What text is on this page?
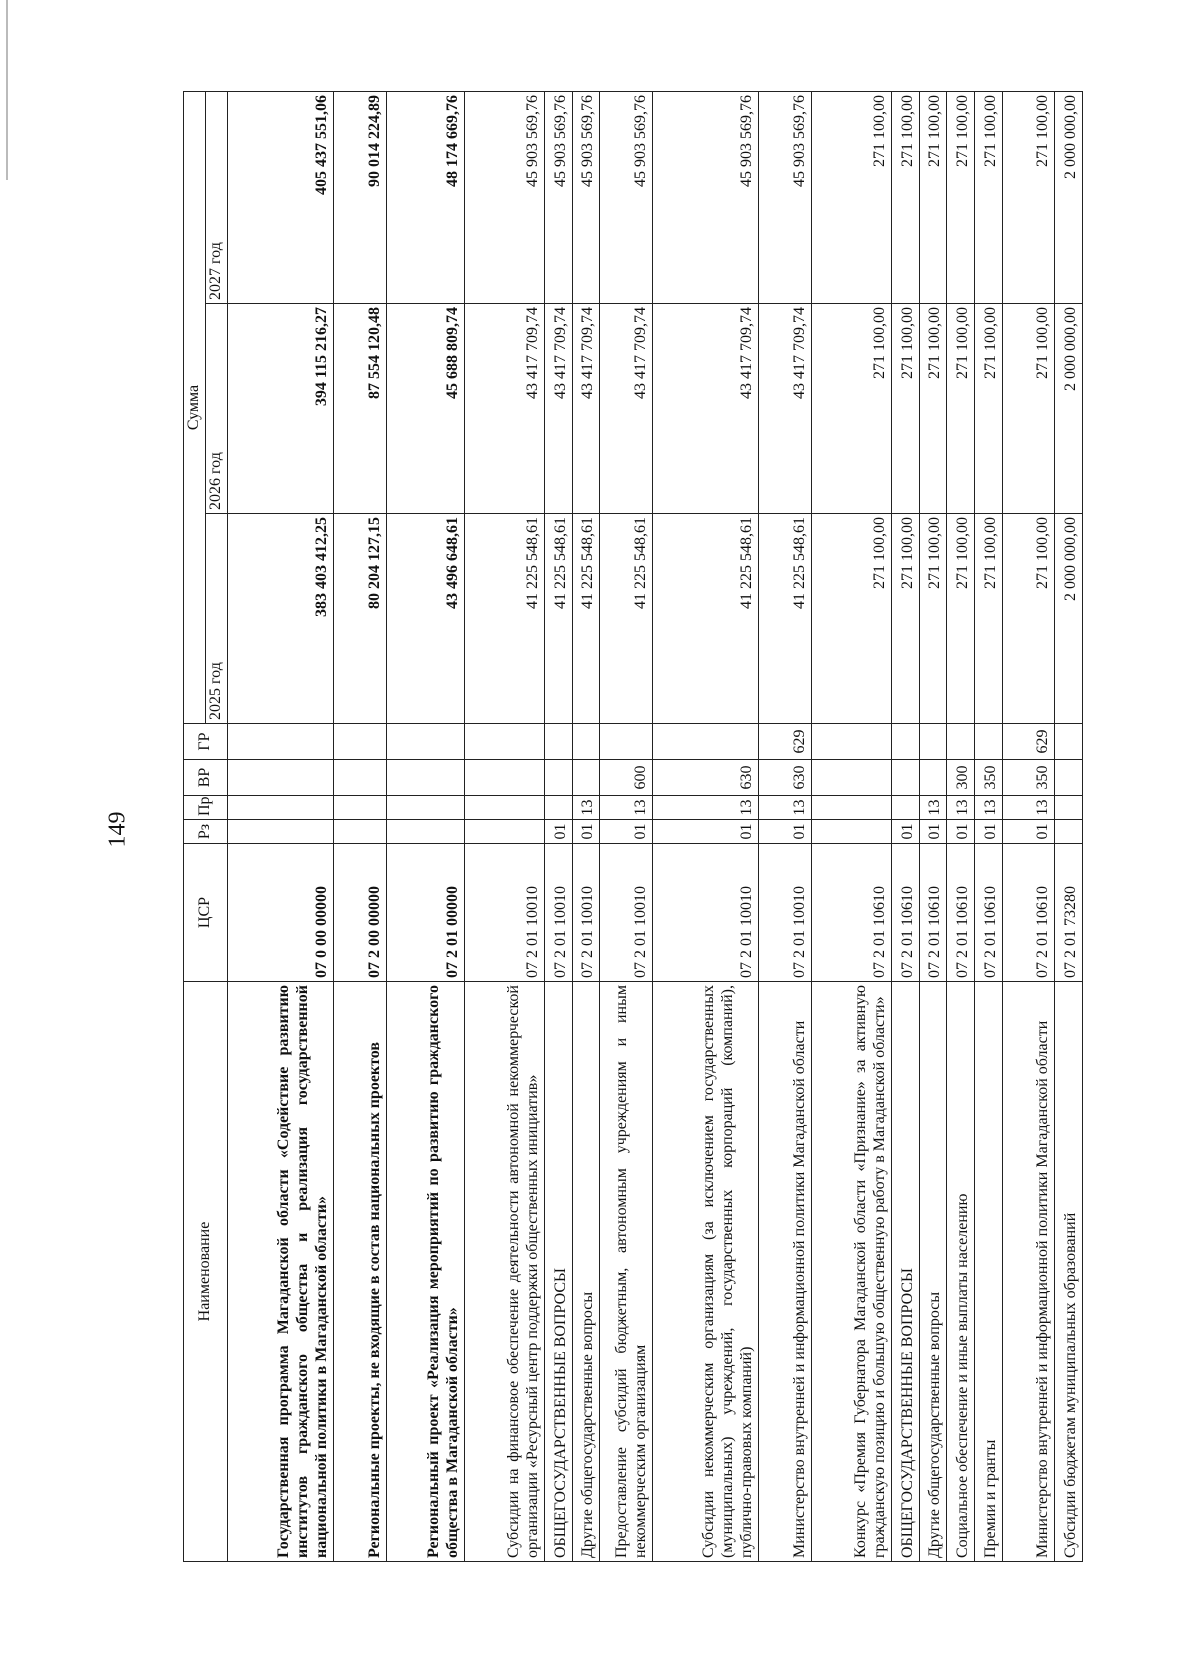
149
Наименование	ЦСР	Рз	Пр	ВР	ГР	Сумма		
						2025 год	2026 год	2027 год
Государственная программа Магаданской области «Содействие развитию институтов гражданского общества и реализация государственной национальной политики в Магаданской области»	07 0 00 00000					383 403 412,25	394 115 216,27	405 437 551,06
Региональные проекты, не входящие в состав национальных проектов	07 2 00 00000					80 204 127,15	87 554 120,48	90 014 224,89
Региональный проект «Реализация мероприятий по развитию гражданского общества в Магаданской области»	07 2 01 00000					43 496 648,61	45 688 809,74	48 174 669,76
Субсидии на финансовое обеспечение деятельности автономной некоммерческой организации «Ресурсный центр поддержки общественных инициатив»	07 2 01 10010					41 225 548,61	43 417 709,74	45 903 569,76
ОБЩЕГОСУДАРСТВЕННЫЕ ВОПРОСЫ	07 2 01 10010	01				41 225 548,61	43 417 709,74	45 903 569,76
Другие общегосударственные вопросы	07 2 01 10010	01	13			41 225 548,61	43 417 709,74	45 903 569,76
Предоставление субсидий бюджетным, автономным учреждениям и иным некоммерческим организациям	07 2 01 10010	01	13	600		41 225 548,61	43 417 709,74	45 903 569,76
Субсидии некоммерческим организациям (за исключением государственных (муниципальных) учреждений, государственных корпораций (компаний), публично-правовых компаний)	07 2 01 10010	01	13	630		41 225 548,61	43 417 709,74	45 903 569,76
Министерство внутренней и информационной политики Магаданской области	07 2 01 10010	01	13	630	629	41 225 548,61	43 417 709,74	45 903 569,76
Конкурс «Премия Губернатора Магаданской области «Признание» за активную гражданскую позицию и большую общественную работу в Магаданской области»	07 2 01 10610					271 100,00	271 100,00	271 100,00
ОБЩЕГОСУДАРСТВЕННЫЕ ВОПРОСЫ	07 2 01 10610	01				271 100,00	271 100,00	271 100,00
Другие общегосударственные вопросы	07 2 01 10610	01	13			271 100,00	271 100,00	271 100,00
Социальное обеспечение и иные выплаты населению	07 2 01 10610	01	13	300		271 100,00	271 100,00	271 100,00
Премии и гранты	07 2 01 10610	01	13	350		271 100,00	271 100,00	271 100,00
Министерство внутренней и информационной политики Магаданской области	07 2 01 10610	01	13	350	629	271 100,00	271 100,00	271 100,00
Субсидии бюджетам муниципальных образований	07 2 01 73280					2 000 000,00	2 000 000,00	2 000 000,00
